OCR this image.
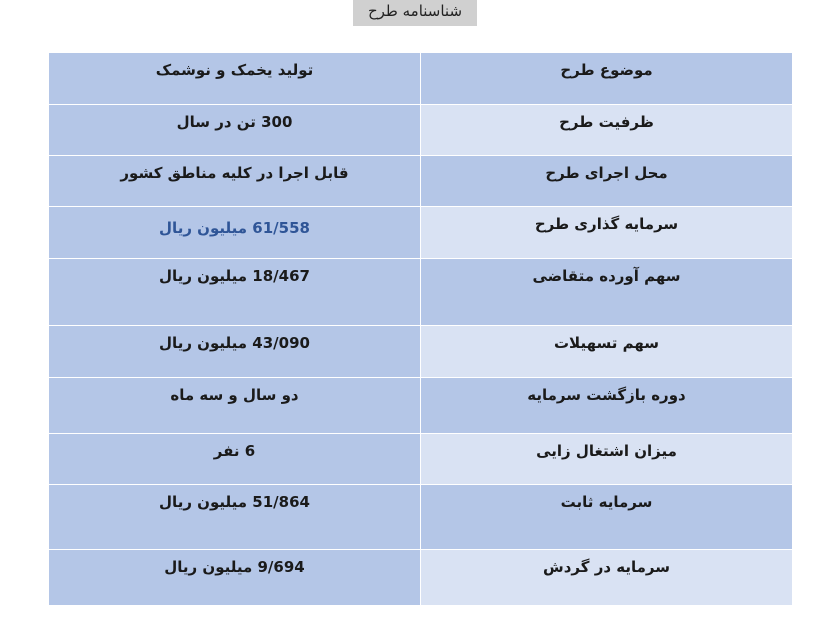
شناسنامه طرح
تولید یخمک و نوشمک	موضوع طرح

300 تن در سال	ظرفیت طرح

قابل اجرا در کلیه مناطق کشور	محل اجرای طرح

61/558 میلیون ریال	سرمایه گذاری طرح

18/467 میلیون ریال	سهم آورده متقاضی

43/090 میلیون ریال	سهم تسهیلات

دو سال و سه ماه	دوره بازگشت سرمایه

6 نفر	میزان اشتغال زایی

51/864 میلیون ریال	سرمایه ثابت

9/694 میلیون ریال	سرمایه در گردش
